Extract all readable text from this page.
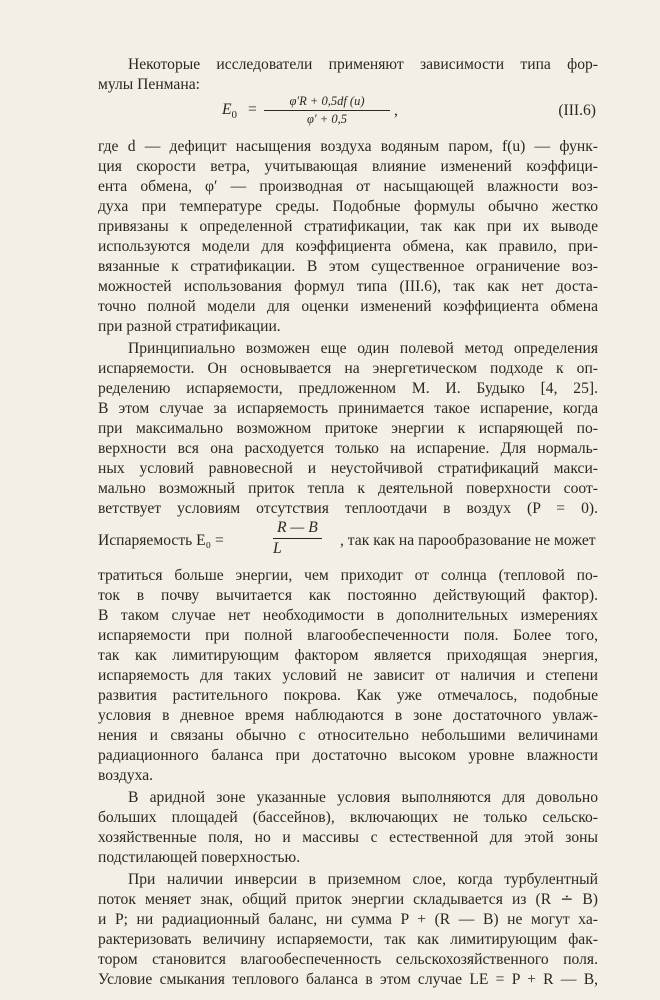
Некоторые исследователи применяют зависимости типа фор-
мулы Пенмана:
$E_0 = \frac{\varphi'R + 0,5df (u)}{\varphi' + 0,5}$ ,	(III.6)
где d — дефицит насыщения воздуха водяным паром, f(u) — функ-
ция скорости ветра, учитывающая влияние изменений коэффици-
ента обмена, φ′ — производная от насыщающей влажности воз-
духа при температуре среды. Подобные формулы обычно жестко
привязаны к определенной стратификации, так как при их выводе
используются модели для коэффициента обмена, как правило, при-
вязанные к стратификации. В этом существенное ограничение воз-
можностей использования формул типа (III.6), так как нет доста-
точно полной модели для оценки изменений коэффициента обмена
при разной стратификации.
Принципиально возможен еще один полевой метод определения
испаряемости. Он основывается на энергетическом подходе к оп-
ределению испаряемости, предложенном М. И. Будыко [4, 25].
В этом случае за испаряемость принимается такое испарение, когда
при максимально возможном притоке энергии к испаряющей по-
верхности вся она расходуется только на испарение. Для нормаль-
ных условий равновесной и неустойчивой стратификаций макси-
мально возможный приток тепла к деятельной поверхности соот-
ветствует условиям отсутствия теплоотдачи в воздух (P = 0).
Испаряемость E₀ =	$\frac{R — B}{L}$ , так как на парообразование не может
тратиться больше энергии, чем приходит от солнца (тепловой по-
ток в почву вычитается как постоянно действующий фактор).
В таком случае нет необходимости в дополнительных измерениях
испаряемости при полной влагообеспеченности поля. Более того,
так как лимитирующим фактором является приходящая энергия,
испаряемость для таких условий не зависит от наличия и степени
развития растительного покрова. Как уже отмечалось, подобные
условия в дневное время наблюдаются в зоне достаточного увлаж-
нения и связаны обычно с относительно небольшими величинами
радиационного баланса при достаточно высоком уровне влажности
воздуха.
В аридной зоне указанные условия выполняются для довольно
больших площадей (бассейнов), включающих не только сельско-
хозяйственные поля, но и массивы с естественной для этой зоны
подстилающей поверхностью.
При наличии инверсии в приземном слое, когда турбулентный
поток меняет знак, общий приток энергии складывается из (R ∸ B)
и P; ни радиационный баланс, ни сумма P + (R — B) не могут ха-
рактеризовать величину испаряемости, так как лимитирующим фак-
тором становится влагообеспеченность сельскохозяйственного поля.
Условие смыкания теплового баланса в этом случае LE = P + R — B,
